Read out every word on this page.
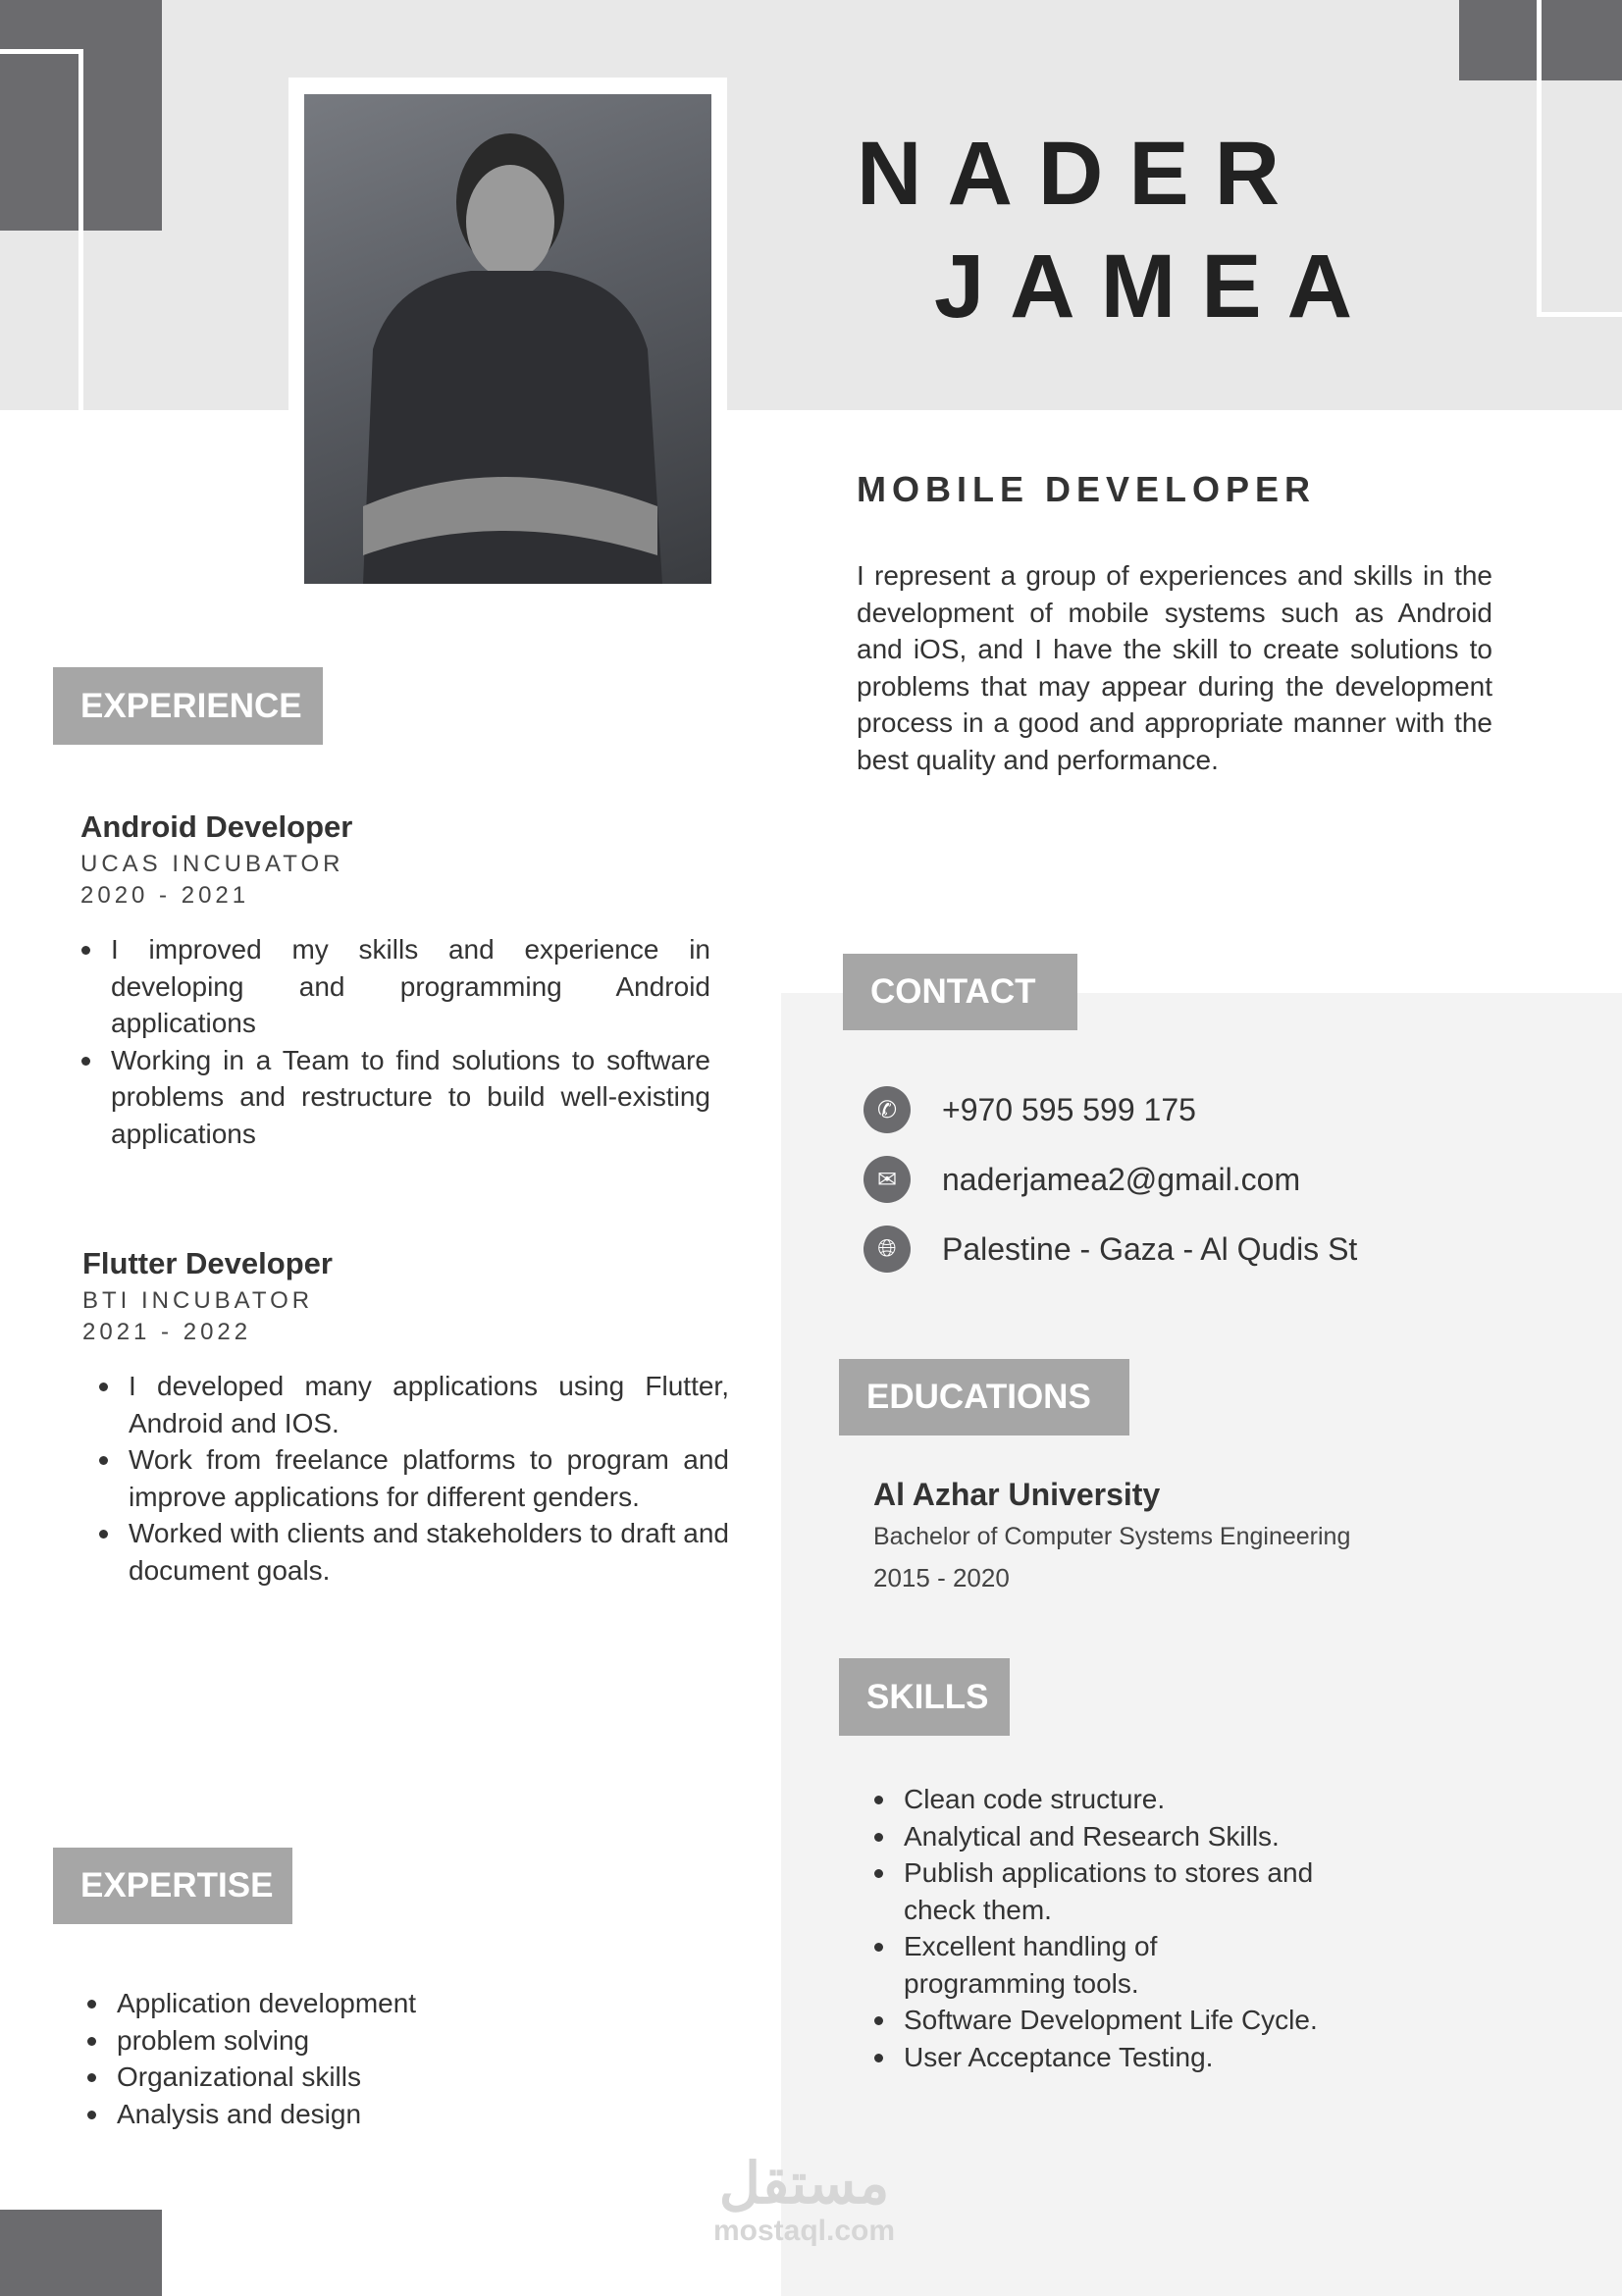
NADER
JAMEA
MOBILE DEVELOPER
I represent a group of experiences and skills in the development of mobile systems such as Android and iOS, and I have the skill to create solutions to problems that may appear during the development process in a good and appropriate manner with the best quality and performance.
EXPERIENCE
Android Developer
UCAS INCUBATOR
2020 - 2021
I improved my skills and experience in developing and programming Android applications
Working in a Team to find solutions to software problems and restructure to build well-existing applications
Flutter Developer
BTI INCUBATOR
2021 - 2022
I developed many applications using Flutter, Android and IOS.
Work from freelance platforms to program and improve applications for different genders.
Worked with clients and stakeholders to draft and document goals.
EXPERTISE
Application development
problem solving
Organizational skills
Analysis and design
CONTACT
✆	+970 595 599 175
✉	naderjamea2@gmail.com
🌐︎	Palestine - Gaza - Al Qudis St
EDUCATIONS
Al Azhar University
Bachelor of Computer Systems Engineering
2015 - 2020
SKILLS
Clean code structure.
Analytical and Research Skills.
Publish applications to stores and check them.
Excellent handling of programming tools.
Software Development Life Cycle.
User Acceptance Testing.
مستقل
mostaql.com
